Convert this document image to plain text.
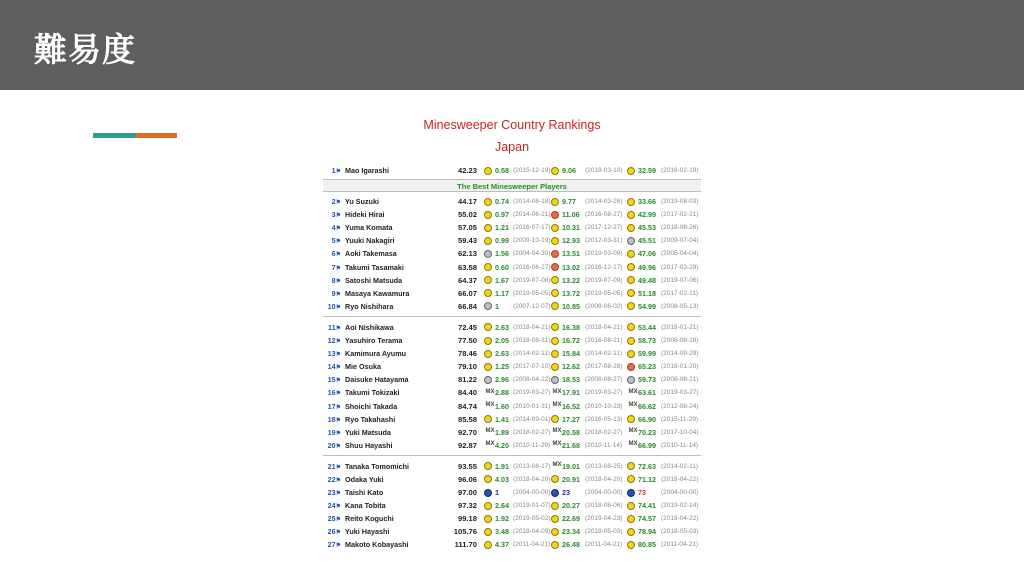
難易度
Minesweeper Country Rankings
Japan
1⚑ Mao Igarashi	42.23	0.58 (2015-12-19) 9.06 (2018-03-10) 32.59 (2016-02-19)
The Best Minesweeper Players
2⚑ Yu Suzuki	44.17	0.74 (2014-08-18) 9.77 (2014-03-26) 33.66 (2019-08-03)
3⚑ Hideki Hirai	55.02	0.97 (2014-06-21) 11.06 (2016-08-27) 42.99 (2017-02-21)
4⚑ Yuma Komata	57.05	1.21 (2016-07-17) 10.31 (2017-12-27) 45.53 (2018-08-26)
5⚑ Yuuki Nakagiri	59.43	0.99 (2009-10-19) 12.93 (2012-03-31) 45.51 (2009-07-04)
6⚑ Aoki Takemasa	62.13	1.56 (2004-04-30) 13.51 (2019-03-09) 47.06 (2005-04-04)
7⚑ Takumi Tasamaki	63.58	0.60 (2016-06-27) 13.02 (2016-12-17) 49.96 (2017-03-29)
8⚑ Satoshi Matsuda	64.37	1.67 (2019-07-08) 13.22 (2019-07-09) 49.48 (2019-07-06)
9⚑ Masaya Kawamura	66.07	1.17 (2019-05-05) 13.72 (2019-05-05) 51.18 (2017-02-11)
10⚑ Ryo Nishihara	66.84	1 (2007-12-07) 10.85 (2008-06-02) 54.99 (2008-05-13)
11⚑ Aoi Nishikawa	72.45	2.63 (2018-04-21) 16.38 (2018-04-21) 53.44 (2018-01-21)
12⚑ Yasuhiro Terama	77.50	2.05 (2018-08-31) 16.72 (2016-08-21) 58.73 (2008-08-28)
13⚑ Kamimura Ayumu	78.46	2.63 (2014-02-11) 15.84 (2014-02-11) 59.99 (2014-09-29)
14⚑ Mie Osuka	79.10	1.25 (2017-07-10) 12.62 (2017-08-28) 65.23 (2018-01-20)
15⚑ Daisuke Hatayama	81.22	2.96 (2008-04-22) 18.53 (2008-08-27) 59.73 (2008-08-21)
16⚑ Takumi Tokizaki	84.40 MX 2.88 (2019-03-27) MX 17.91 (2019-03-27) MX 63.61 (2019-03-27)
17⚑ Shoichi Takada	84.74 MX 1.60 (2010-01-31) MX 16.52 (2010-10-23) MX 66.62 (2012-08-24)
18⚑ Ryo Takahashi	85.58	1.41 (2014-09-01) 17.27 (2016-05-13) 66.90 (2015-11-29)
19⚑ Yuki Matsuda	92.70 MX 1.89 (2018-02-27) MX 20.58 (2018-02-27) MX 70.23 (2017-10-04)
20⚑ Shuu Hayashi	92.87 MX 4.20 (2010-11-29) MX 21.68 (2010-11-14) MX 66.99 (2010-11-14)
21⚑ Tanaka Tomomichi	93.55	1.91 (2013-08-17) MX 19.01 (2013-08-25) 72.63 (2014-02-11)
22⚑ Odaka Yuki	96.06	4.03 (2018-04-20) 20.91 (2018-04-20) 71.12 (2018-04-22)
23⚑ Taishi Kato	97.00	1 (2004-00-00) 23 (2004-00-00) 73 (2004-00-00)
24⚑ Kana Tobita	97.32	2.64 (2019-01-07) 20.27 (2018-08-06) 74.41 (2019-02-14)
25⚑ Reito Koguchi	99.18	1.92 (2019-05-02) 22.69 (2019-04-23) 74.57 (2019-04-22)
26⚑ Yuki Hayashi	105.76	3.48 (2018-04-09) 23.34 (2018-05-03) 78.94 (2018-05-03)
27⚑ Makoto Kobayashi	111.70	4.37 (2011-04-21) 26.48 (2011-04-21) 80.85 (2011-04-21)
